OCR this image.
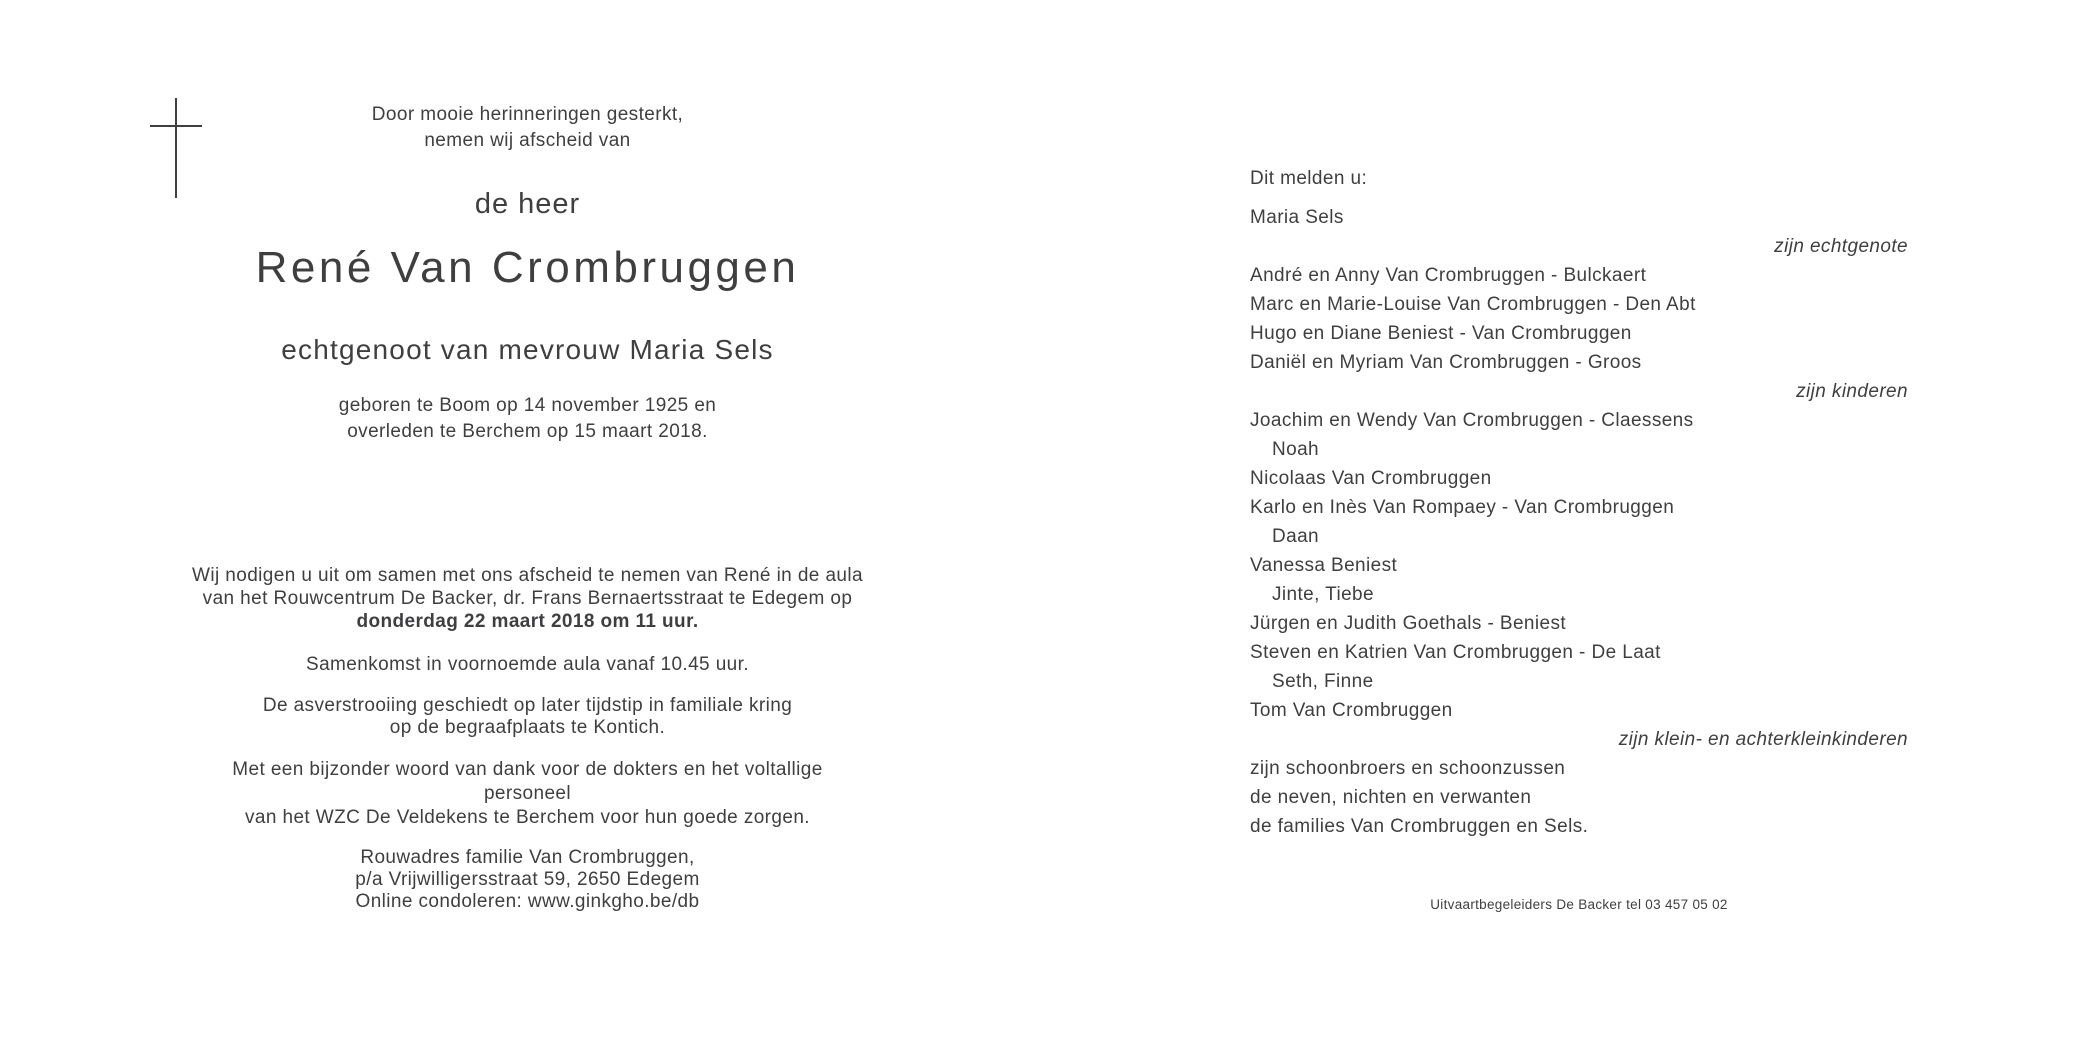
Door mooie herinneringen gesterkt,
nemen wij afscheid van
de heer
René Van Crombruggen
echtgenoot van mevrouw Maria Sels
geboren te Boom op 14 november 1925 en
overleden te Berchem op 15 maart 2018.
Wij nodigen u uit om samen met ons afscheid te nemen van René in de aula
van het Rouwcentrum De Backer, dr. Frans Bernaertsstraat te Edegem op
donderdag 22 maart 2018 om 11 uur.
Samenkomst in voornoemde aula vanaf 10.45 uur.
De asverstrooiing geschiedt op later tijdstip in familiale kring
op de begraafplaats te Kontich.
Met een bijzonder woord van dank voor de dokters en het voltallige personeel
van het WZC De Veldekens te Berchem voor hun goede zorgen.
Rouwadres familie Van Crombruggen,
p/a Vrijwilligersstraat 59, 2650 Edegem
Online condoleren: www.ginkgho.be/db
Dit melden u:
Maria Sels
zijn echtgenote
André en Anny Van Crombruggen - Bulckaert
Marc en Marie-Louise Van Crombruggen - Den Abt
Hugo en Diane Beniest - Van Crombruggen
Daniël en Myriam Van Crombruggen - Groos
zijn kinderen
Joachim en Wendy Van Crombruggen - Claessens
Noah
Nicolaas Van Crombruggen
Karlo en Inès Van Rompaey - Van Crombruggen
Daan
Vanessa Beniest
Jinte, Tiebe
Jürgen en Judith Goethals - Beniest
Steven en Katrien Van Crombruggen - De Laat
Seth, Finne
Tom Van Crombruggen
zijn klein- en achterkleinkinderen
zijn schoonbroers en schoonzussen
de neven, nichten en verwanten
de families Van Crombruggen en Sels.
Uitvaartbegeleiders De Backer tel 03 457 05 02
